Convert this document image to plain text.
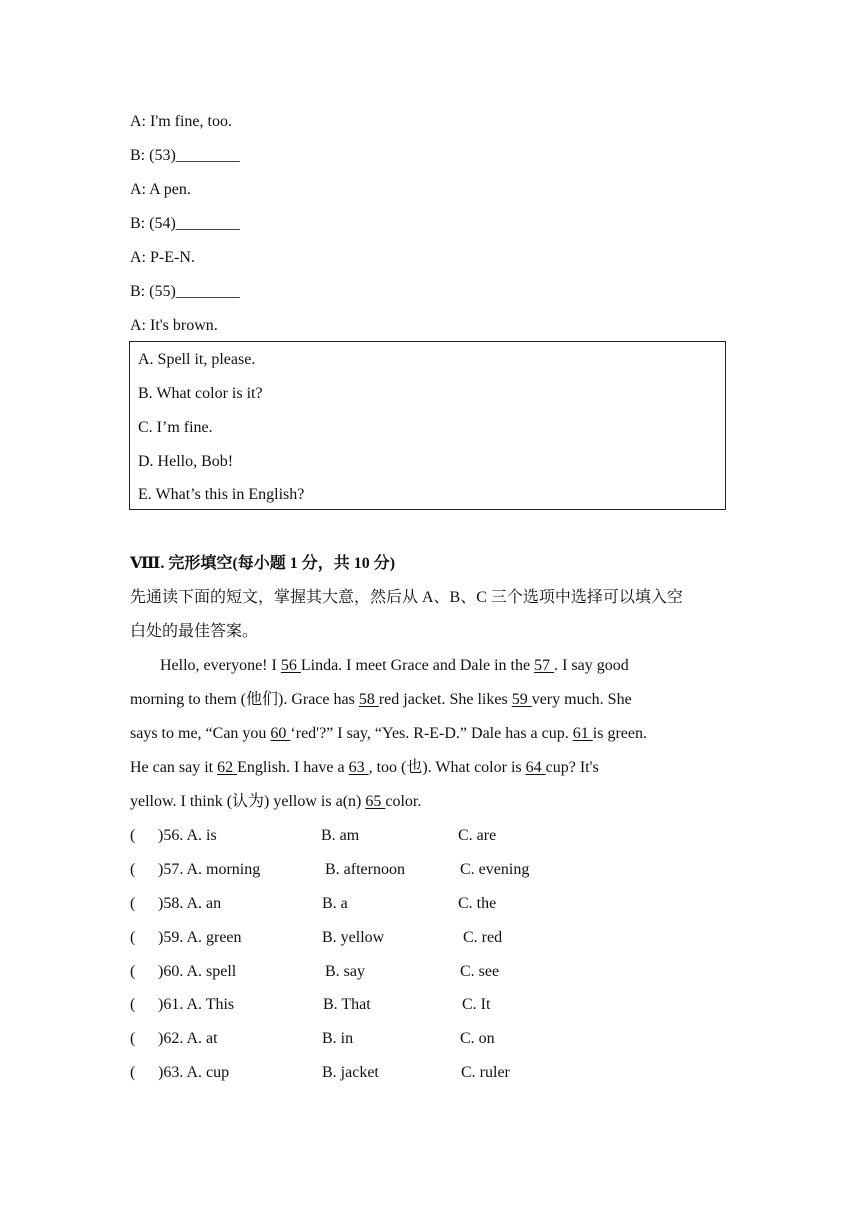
A: I'm fine, too.
B: (53)________
A: A pen.
B: (54)________
A: P-E-N.
B: (55)________
A: It's brown.
A. Spell it, please.
B. What color is it?
C. I’m fine.
D. Hello, Bob!
E. What’s this in English?
Ⅷ. 完形填空(每小题 1 分，共 10 分)
先通读下面的短文，掌握其大意，然后从 A、B、C 三个选项中选择可以填入空
白处的最佳答案。
Hello, everyone! I 56 Linda. I meet Grace and Dale in the 57 . I say good
morning to them (他们). Grace has 58 red jacket. She likes 59 very much. She
says to me, “Can you 60 ‘red'?” I say, “Yes. R-E-D.” Dale has a cup. 61 is green.
He can say it 62 English. I have a 63 , too (也). What color is 64 cup? It's
yellow. I think (认为) yellow is a(n) 65 color.
( )56. A. is	B. am	C. are
( )57. A. morning	B. afternoon	C. evening
( )58. A. an	B. a	C. the
( )59. A. green	B. yellow	C. red
( )60. A. spell	B. say	C. see
( )61. A. This	B. That	C. It
( )62. A. at	B. in	C. on
( )63. A. cup	B. jacket	C. ruler
